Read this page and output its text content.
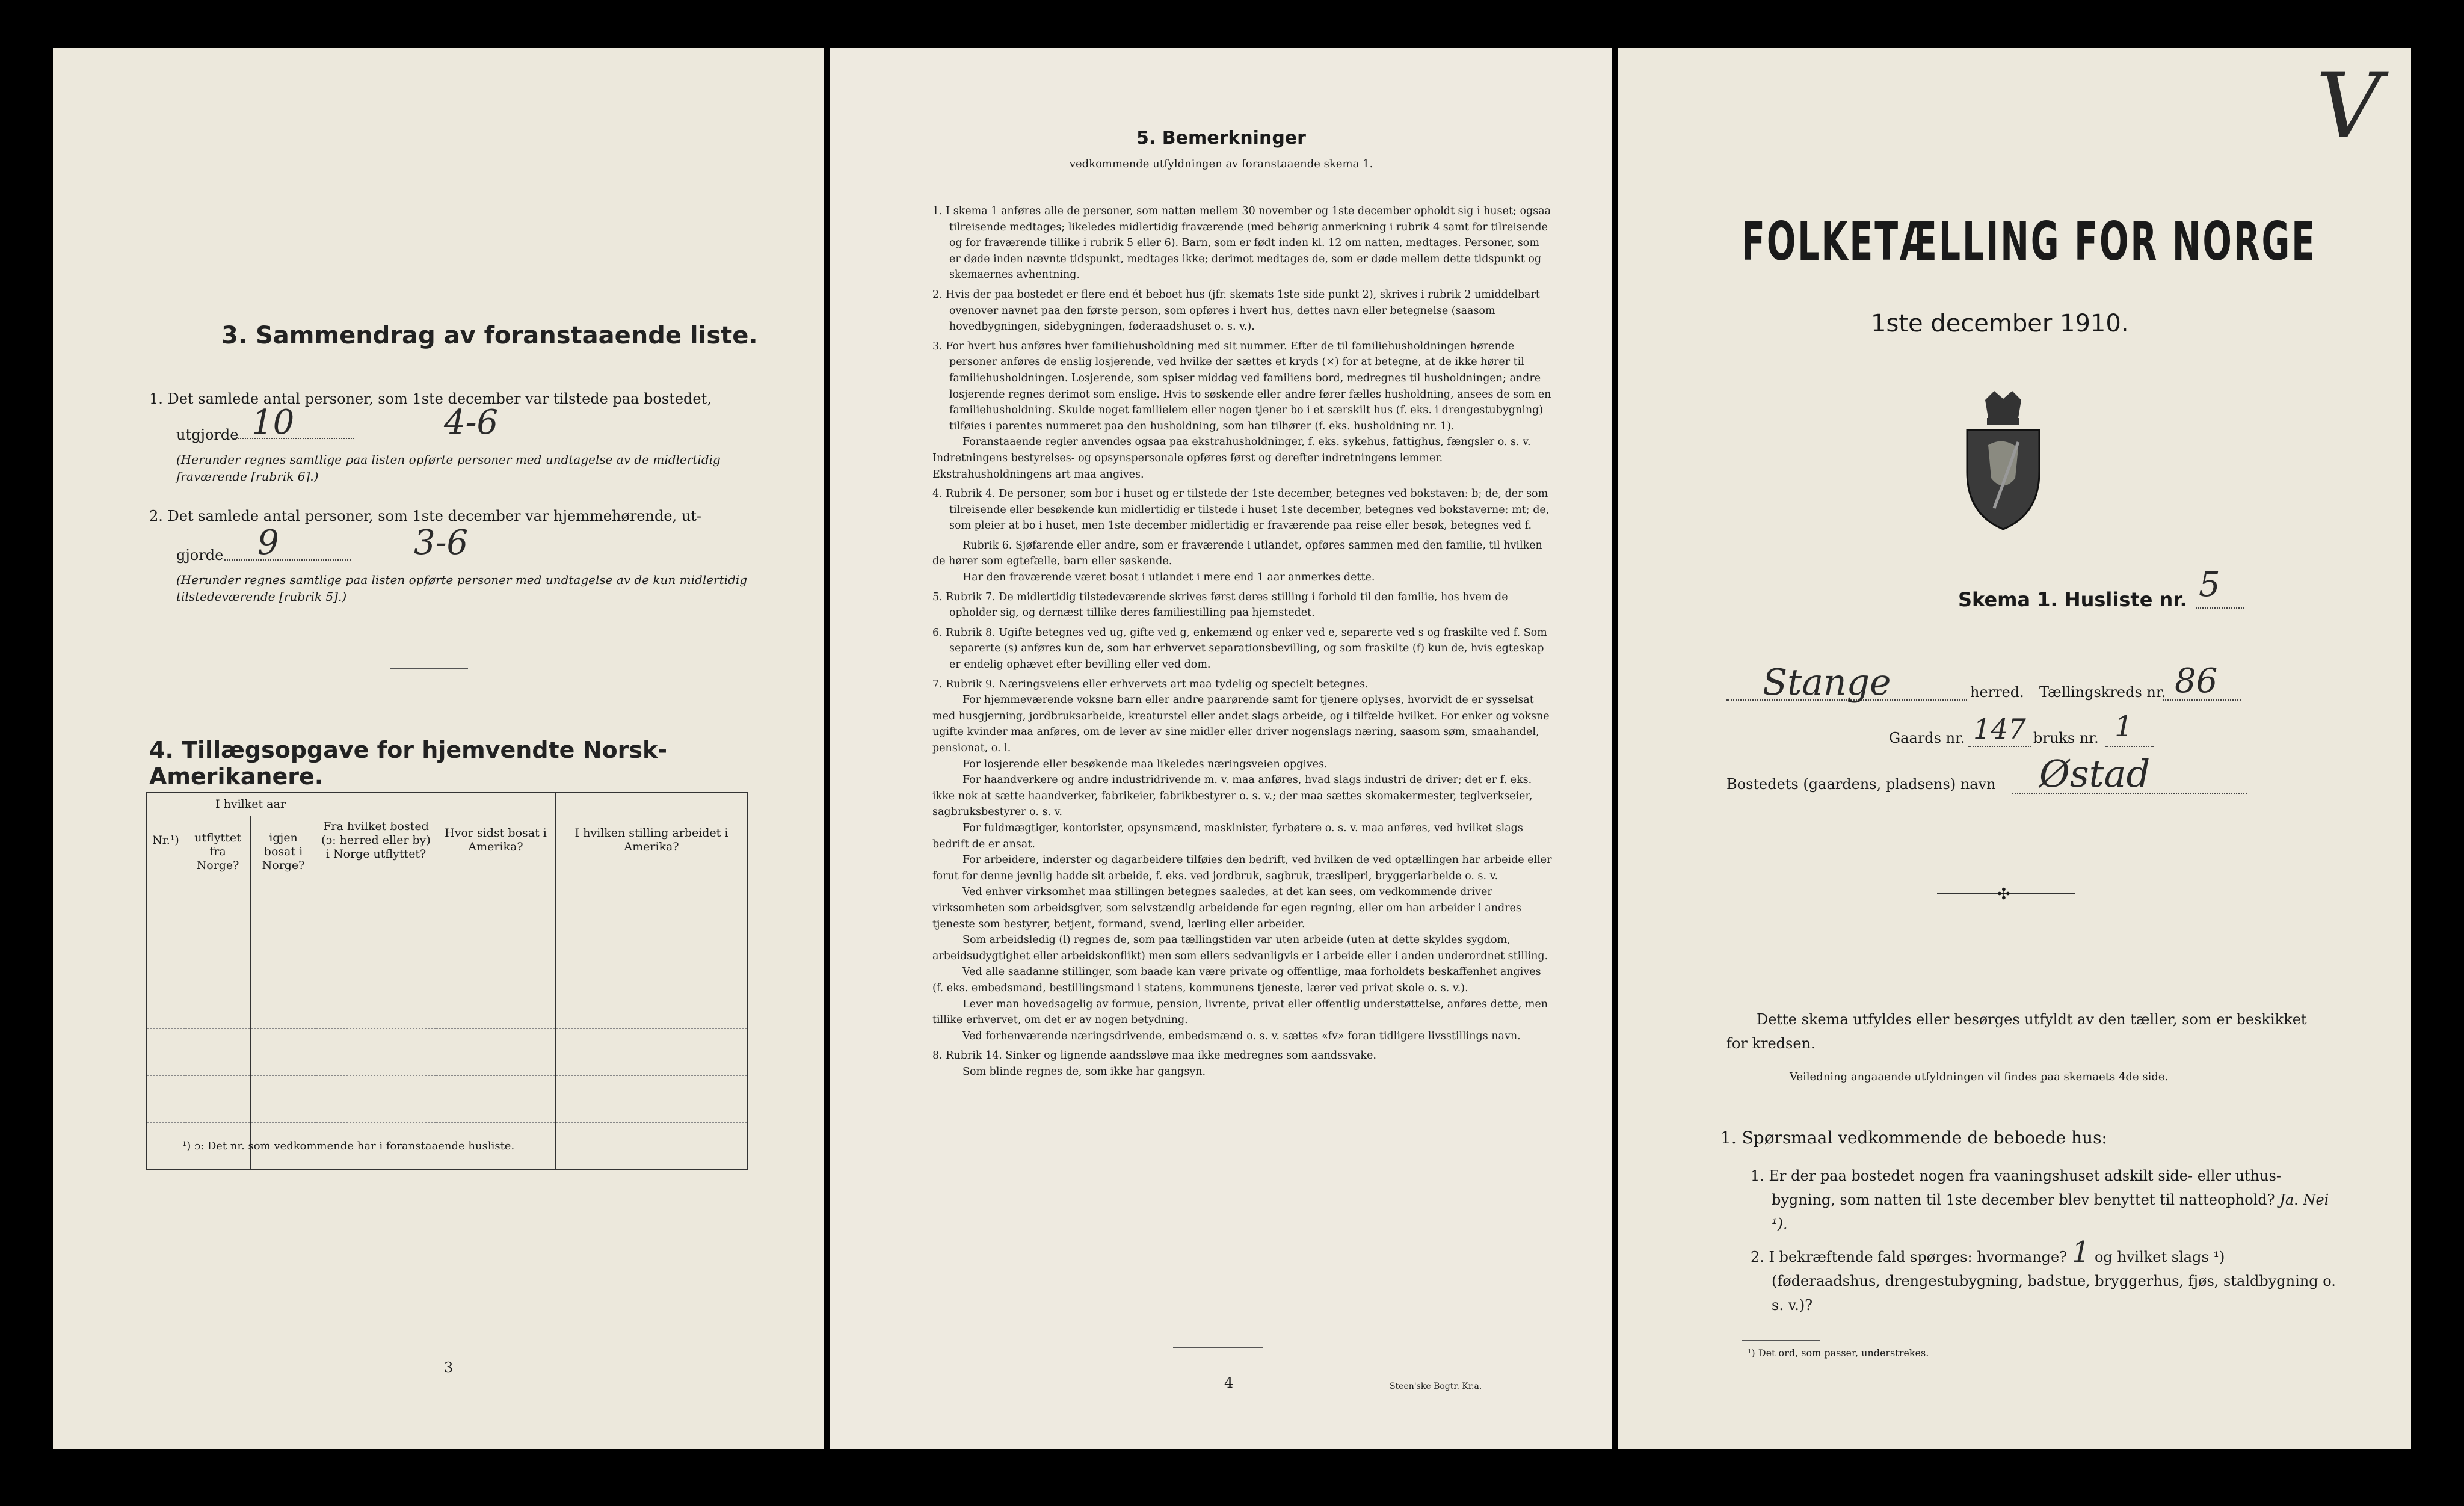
3. Sammendrag av foranstaaende liste.
1. Det samlede antal personer, som 1ste december var tilstede paa bostedet,
utgjorde 10	4-6
(Herunder regnes samtlige paa listen opførte personer med undtagelse av de midlertidig fraværende [rubrik 6].)
2. Det samlede antal personer, som 1ste december var hjemmehørende, ut-
gjorde 9	3-6
(Herunder regnes samtlige paa listen opførte personer med undtagelse av de kun midlertidig tilstedeværende [rubrik 5].)
4. Tillægsopgave for hjemvendte Norsk-Amerikanere.
Nr.¹)	I hvilket aar		Fra hvilket bosted (ɔ: herred eller by) i Norge utflyttet?	Hvor sidst bosat i Amerika?	I hvilken stilling arbeidet i Amerika?
	utflyttet fra Norge?	igjen bosat i Norge?			

¹) ɔ: Det nr. som vedkommende har i foranstaaende husliste.
3
5. Bemerkninger
vedkommende utfyldningen av foranstaaende skema 1.

1. I skema 1 anføres alle de personer, som natten mellem 30 november og 1ste december opholdt sig i huset; ogsaa tilreisende medtages; likeledes midlertidig fraværende (med behørig anmerkning i rubrik 4 samt for tilreisende og for fraværende tillike i rubrik 5 eller 6). Barn, som er født inden kl. 12 om natten, medtages. Personer, som er døde inden nævnte tidspunkt, medtages ikke; derimot medtages de, som er døde mellem dette tidspunkt og skemaernes avhentning.

2. Hvis der paa bostedet er flere end ét beboet hus (jfr. skemats 1ste side punkt 2), skrives i rubrik 2 umiddelbart ovenover navnet paa den første person, som opføres i hvert hus, dettes navn eller betegnelse (saasom hovedbygningen, sidebygningen, føderaadshuset o. s. v.).

3. For hvert hus anføres hver familiehusholdning med sit nummer. Efter de til familiehusholdningen hørende personer anføres de enslig losjerende, ved hvilke der sættes et kryds (×) for at betegne, at de ikke hører til familiehusholdningen. Losjerende, som spiser middag ved familiens bord, medregnes til husholdningen; andre losjerende regnes derimot som enslige. Hvis to søskende eller andre fører fælles husholdning, ansees de som en familiehusholdning. Skulde noget familielem eller nogen tjener bo i et særskilt hus (f. eks. i drengestubygning) tilføies i parentes nummeret paa den husholdning, som han tilhører (f. eks. husholdning nr. 1).

Foranstaaende regler anvendes ogsaa paa ekstrahusholdninger, f. eks. sykehus, fattighus, fængsler o. s. v. Indretningens bestyrelses- og opsynspersonale opføres først og derefter indretningens lemmer. Ekstrahusholdningens art maa angives.

4. Rubrik 4. De personer, som bor i huset og er tilstede der 1ste december, betegnes ved bokstaven: b; de, der som tilreisende eller besøkende kun midlertidig er tilstede i huset 1ste december, betegnes ved bokstaverne: mt; de, som pleier at bo i huset, men 1ste december midlertidig er fraværende paa reise eller besøk, betegnes ved f.

Rubrik 6. Sjøfarende eller andre, som er fraværende i utlandet, opføres sammen med den familie, til hvilken de hører som egtefælle, barn eller søskende.

Har den fraværende været bosat i utlandet i mere end 1 aar anmerkes dette.

5. Rubrik 7. De midlertidig tilstedeværende skrives først deres stilling i forhold til den familie, hos hvem de opholder sig, og dernæst tillike deres familiestilling paa hjemstedet.

6. Rubrik 8. Ugifte betegnes ved ug, gifte ved g, enkemænd og enker ved e, separerte ved s og fraskilte ved f. Som separerte (s) anføres kun de, som har erhvervet separationsbevilling, og som fraskilte (f) kun de, hvis egteskap er endelig ophævet efter bevilling eller ved dom.

7. Rubrik 9. Næringsveiens eller erhvervets art maa tydelig og specielt betegnes.

For hjemmeværende voksne barn eller andre paarørende samt for tjenere oplyses, hvorvidt de er sysselsat med husgjerning, jordbruksarbeide, kreaturstel eller andet slags arbeide, og i tilfælde hvilket. For enker og voksne ugifte kvinder maa anføres, om de lever av sine midler eller driver nogenslags næring, saasom søm, smaahandel, pensionat, o. l.

For losjerende eller besøkende maa likeledes næringsveien opgives.

For haandverkere og andre industridrivende m. v. maa anføres, hvad slags industri de driver; det er f. eks. ikke nok at sætte haandverker, fabrikeier, fabrikbestyrer o. s. v.; der maa sættes skomakermester, teglverkseier, sagbruksbestyrer o. s. v.

For fuldmægtiger, kontorister, opsynsmænd, maskinister, fyrbøtere o. s. v. maa anføres, ved hvilket slags bedrift de er ansat.

For arbeidere, inderster og dagarbeidere tilføies den bedrift, ved hvilken de ved optællingen har arbeide eller forut for denne jevnlig hadde sit arbeide, f. eks. ved jordbruk, sagbruk, træsliperi, bryggeriarbeide o. s. v.

Ved enhver virksomhet maa stillingen betegnes saaledes, at det kan sees, om vedkommende driver virksomheten som arbeidsgiver, som selvstændig arbeidende for egen regning, eller om han arbeider i andres tjeneste som bestyrer, betjent, formand, svend, lærling eller arbeider.

Som arbeidsledig (l) regnes de, som paa tællingstiden var uten arbeide (uten at dette skyldes sygdom, arbeidsudygtighet eller arbeidskonflikt) men som ellers sedvanligvis er i arbeide eller i anden underordnet stilling.

Ved alle saadanne stillinger, som baade kan være private og offentlige, maa forholdets beskaffenhet angives (f. eks. embedsmand, bestillingsmand i statens, kommunens tjeneste, lærer ved privat skole o. s. v.).

Lever man hovedsagelig av formue, pension, livrente, privat eller offentlig understøttelse, anføres dette, men tillike erhvervet, om det er av nogen betydning.

Ved forhenværende næringsdrivende, embedsmænd o. s. v. sættes «fv» foran tidligere livsstillings navn.

8. Rubrik 14. Sinker og lignende aandssløve maa ikke medregnes som aandssvake.

Som blinde regnes de, som ikke har gangsyn.

4	Steen'ske Bogtr. Kr.a.
V
FOLKETÆLLING FOR NORGE
1ste december 1910.
Skema 1. Husliste nr. 5
Stange	herred. Tællingskreds nr. 86
Gaards nr. 147 bruks nr. 1
Bostedets (gaardens, pladsens) navn Østad
✣
Dette skema utfyldes eller besørges utfyldt av den tæller, som er beskikket for kredsen.
Veiledning angaaende utfyldningen vil findes paa skemaets 4de side.
1. Spørsmaal vedkommende de beboede hus:
1. Er der paa bostedet nogen fra vaaningshuset adskilt side- eller uthus-bygning, som natten til 1ste december blev benyttet til natteophold? Ja. Nei ¹).
2. I bekræftende fald spørges: hvormange? 1 og hvilket slags ¹) (føderaadshus, drengestubygning, badstue, bryggerhus, fjøs, staldbygning o. s. v.)?
¹) Det ord, som passer, understrekes.
